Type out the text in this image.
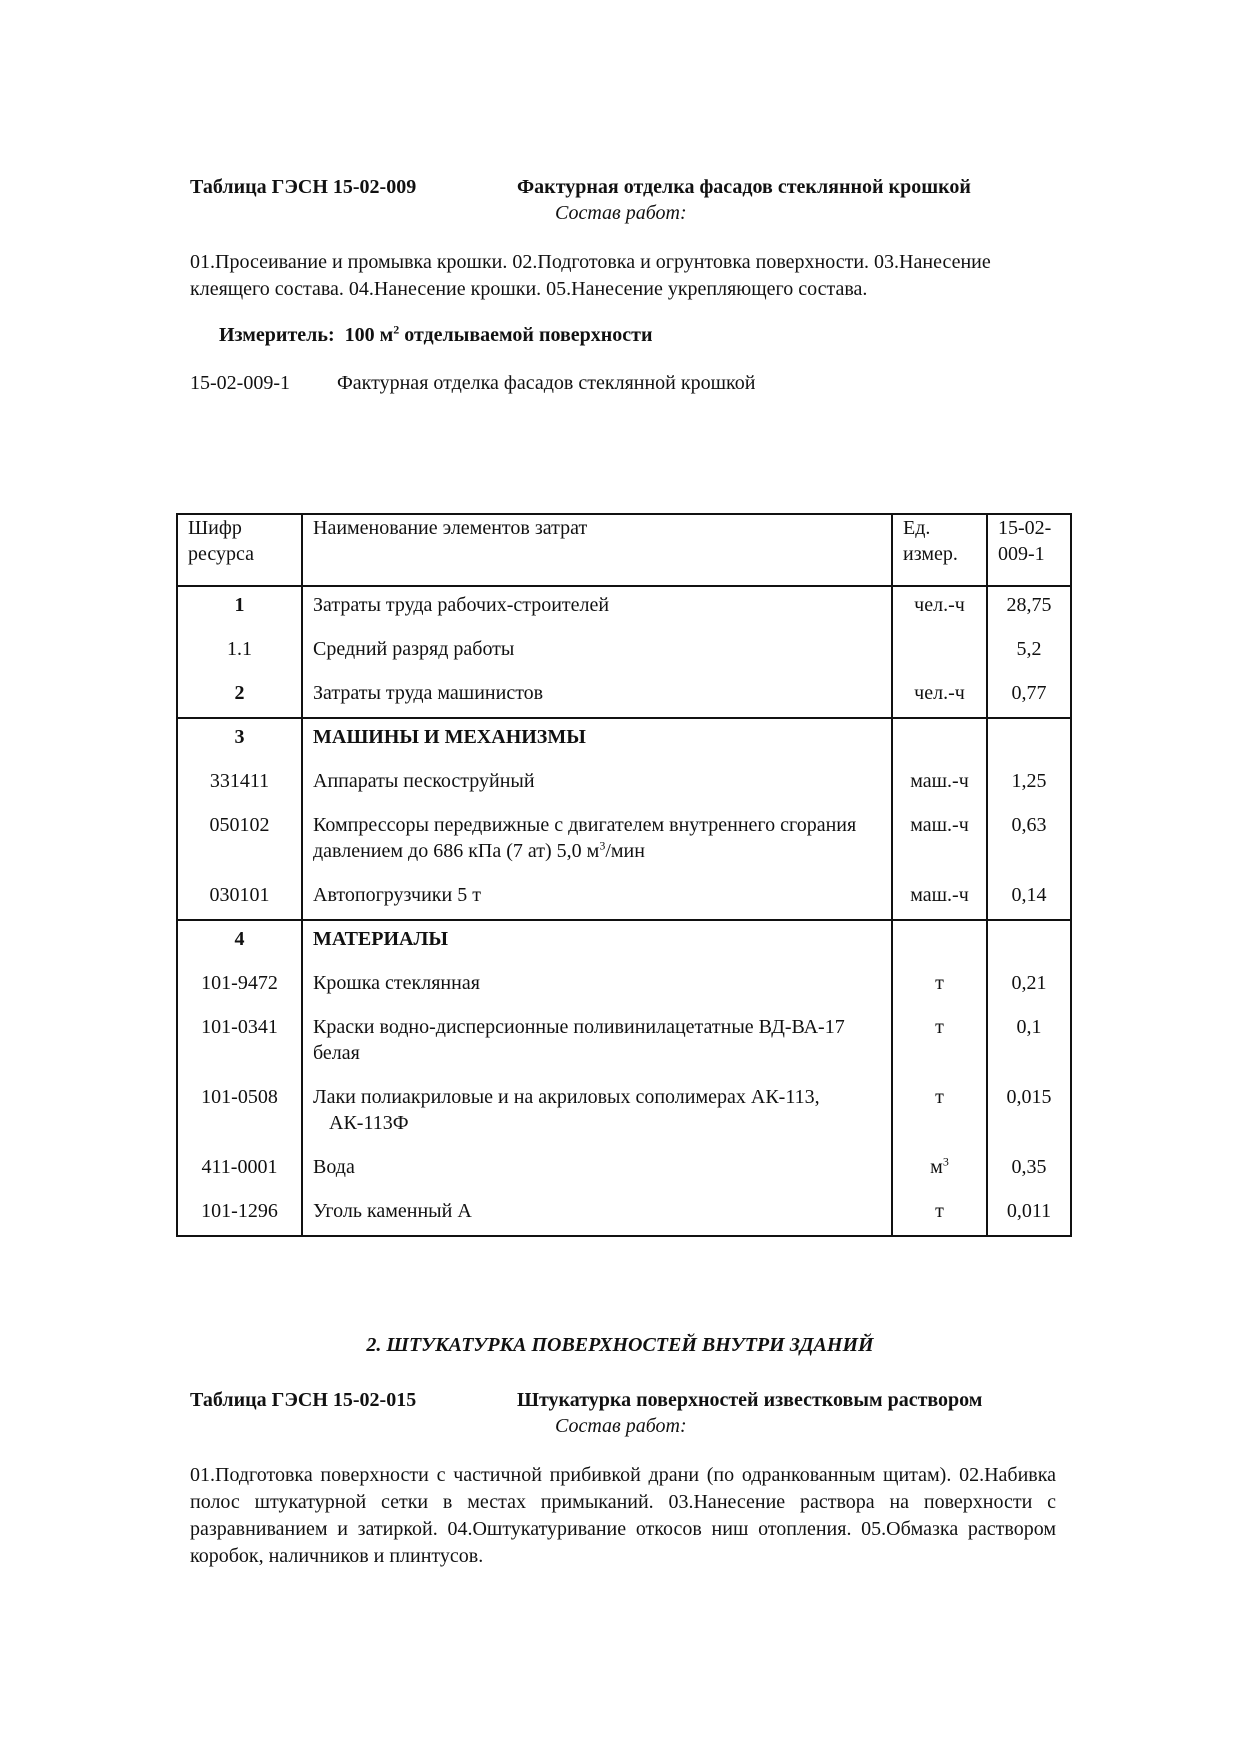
Таблица ГЭСН 15-02-009	Фактурная отделка фасадов стеклянной крошкой
Состав работ:
01.Просеивание и промывка крошки. 02.Подготовка и огрунтовка поверхности. 03.Нанесение клеящего состава. 04.Нанесение крошки. 05.Нанесение укрепляющего состава.
Измеритель: 100 $м^2$ отделываемой поверхности
15-02-009-1 Фактурная отделка фасадов стеклянной крошкой
Шифр ресурса	Наименование элементов затрат	Ед. измер.	15-02-009-1
1	Затраты труда рабочих-строителей	чел.-ч	28,75
1.1	Средний разряд работы		5,2
2	Затраты труда машинистов	чел.-ч	0,77
3	МАШИНЫ И МЕХАНИЗМЫ		
331411	Аппараты пескоструйный	маш.-ч	1,25
050102	Компрессоры передвижные с двигателем внутреннего сгорания давлением до 686 кПа (7 ат) 5,0 $м^3$/мин	маш.-ч	0,63
030101	Автопогрузчики 5 т	маш.-ч	0,14
4	МАТЕРИАЛЫ		
101-9472	Крошка стеклянная	т	0,21
101-0341	Краски водно-дисперсионные поливинилацетатные ВД-ВА-17 белая	т	0,1
101-0508	Лаки полиакриловые и на акриловых сополимерах АК-113, АК-113Ф	т	0,015
411-0001	Вода	$м^3$	0,35
101-1296	Уголь каменный А	т	0,011
2. ШТУКАТУРКА ПОВЕРХНОСТЕЙ ВНУТРИ ЗДАНИЙ
Таблица ГЭСН 15-02-015	Штукатурка поверхностей известковым раствором
Состав работ:
01.Подготовка поверхности с частичной прибивкой драни (по одранкованным щитам). 02.Набивка полос штукатурной сетки в местах примыканий. 03.Нанесение раствора на поверхности с разравниванием и затиркой. 04.Оштукатуривание откосов ниш отопления. 05.Обмазка раствором коробок, наличников и плинтусов.
